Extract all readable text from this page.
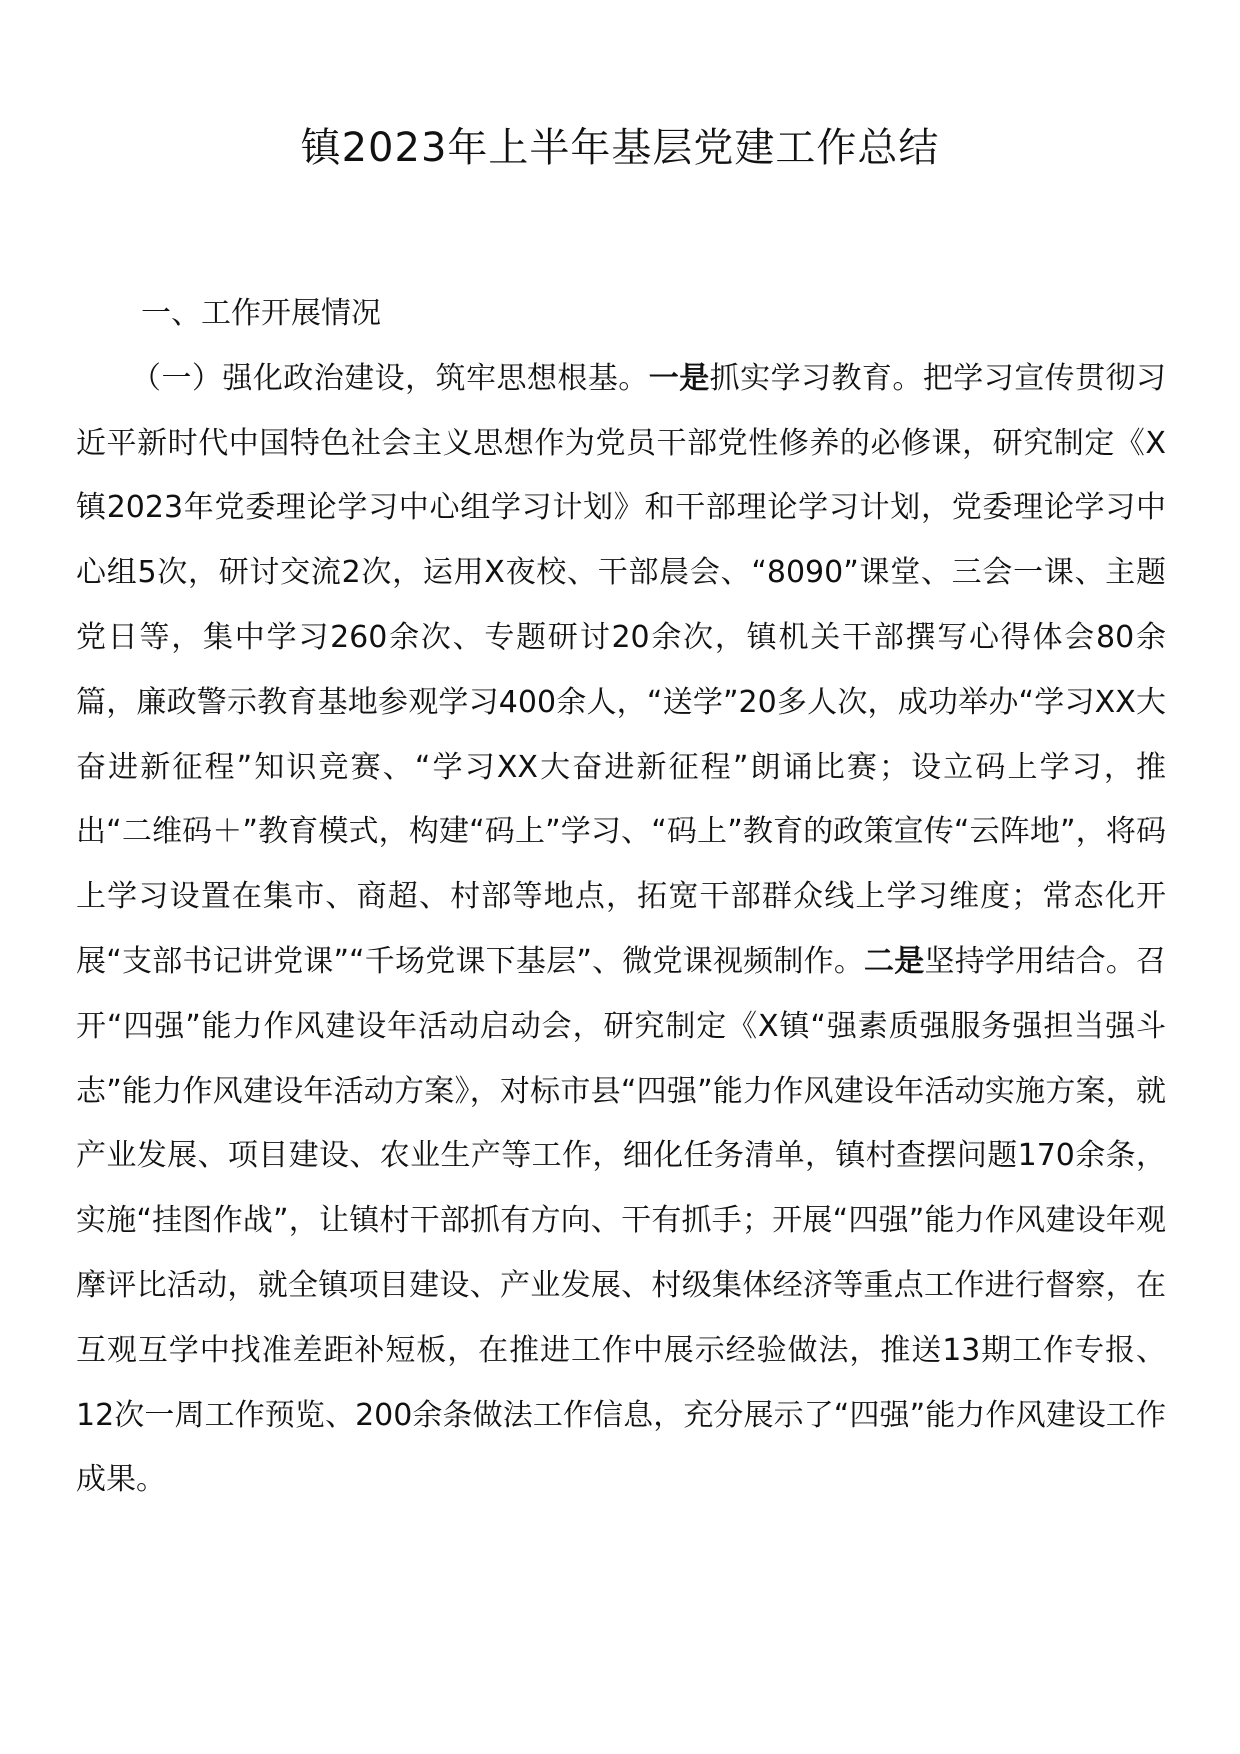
镇2023年上半年基层党建工作总结

一、工作开展情况

（一）强化政治建设，筑牢思想根基。一是抓实学习教育。把学习宣传贯彻习近平新时代中国特色社会主义思想作为党员干部党性修养的必修课，研究制定《X镇2023年党委理论学习中心组学习计划》和干部理论学习计划，党委理论学习中心组5次，研讨交流2次，运用X夜校、干部晨会、“8090”课堂、三会一课、主题党日等，集中学习260余次、专题研讨20余次，镇机关干部撰写心得体会80余篇，廉政警示教育基地参观学习400余人，“送学”20多人次，成功举办“学习XX大奋进新征程”知识竞赛、“学习XX大奋进新征程”朗诵比赛；设立码上学习，推出“二维码＋”教育模式，构建“码上”学习、“码上”教育的政策宣传“云阵地”，将码上学习设置在集市、商超、村部等地点，拓宽干部群众线上学习维度；常态化开展“支部书记讲党课”“千场党课下基层”、微党课视频制作。二是坚持学用结合。召开“四强”能力作风建设年活动启动会，研究制定《X镇“强素质强服务强担当强斗志”能力作风建设年活动方案》，对标市县“四强”能力作风建设年活动实施方案，就产业发展、项目建设、农业生产等工作，细化任务清单，镇村查摆问题170余条，实施“挂图作战”，让镇村干部抓有方向、干有抓手；开展“四强”能力作风建设年观摩评比活动，就全镇项目建设、产业发展、村级集体经济等重点工作进行督察，在互观互学中找准差距补短板，在推进工作中展示经验做法，推送13期工作专报、12次一周工作预览、200余条做法工作信息，充分展示了“四强”能力作风建设工作成果。
